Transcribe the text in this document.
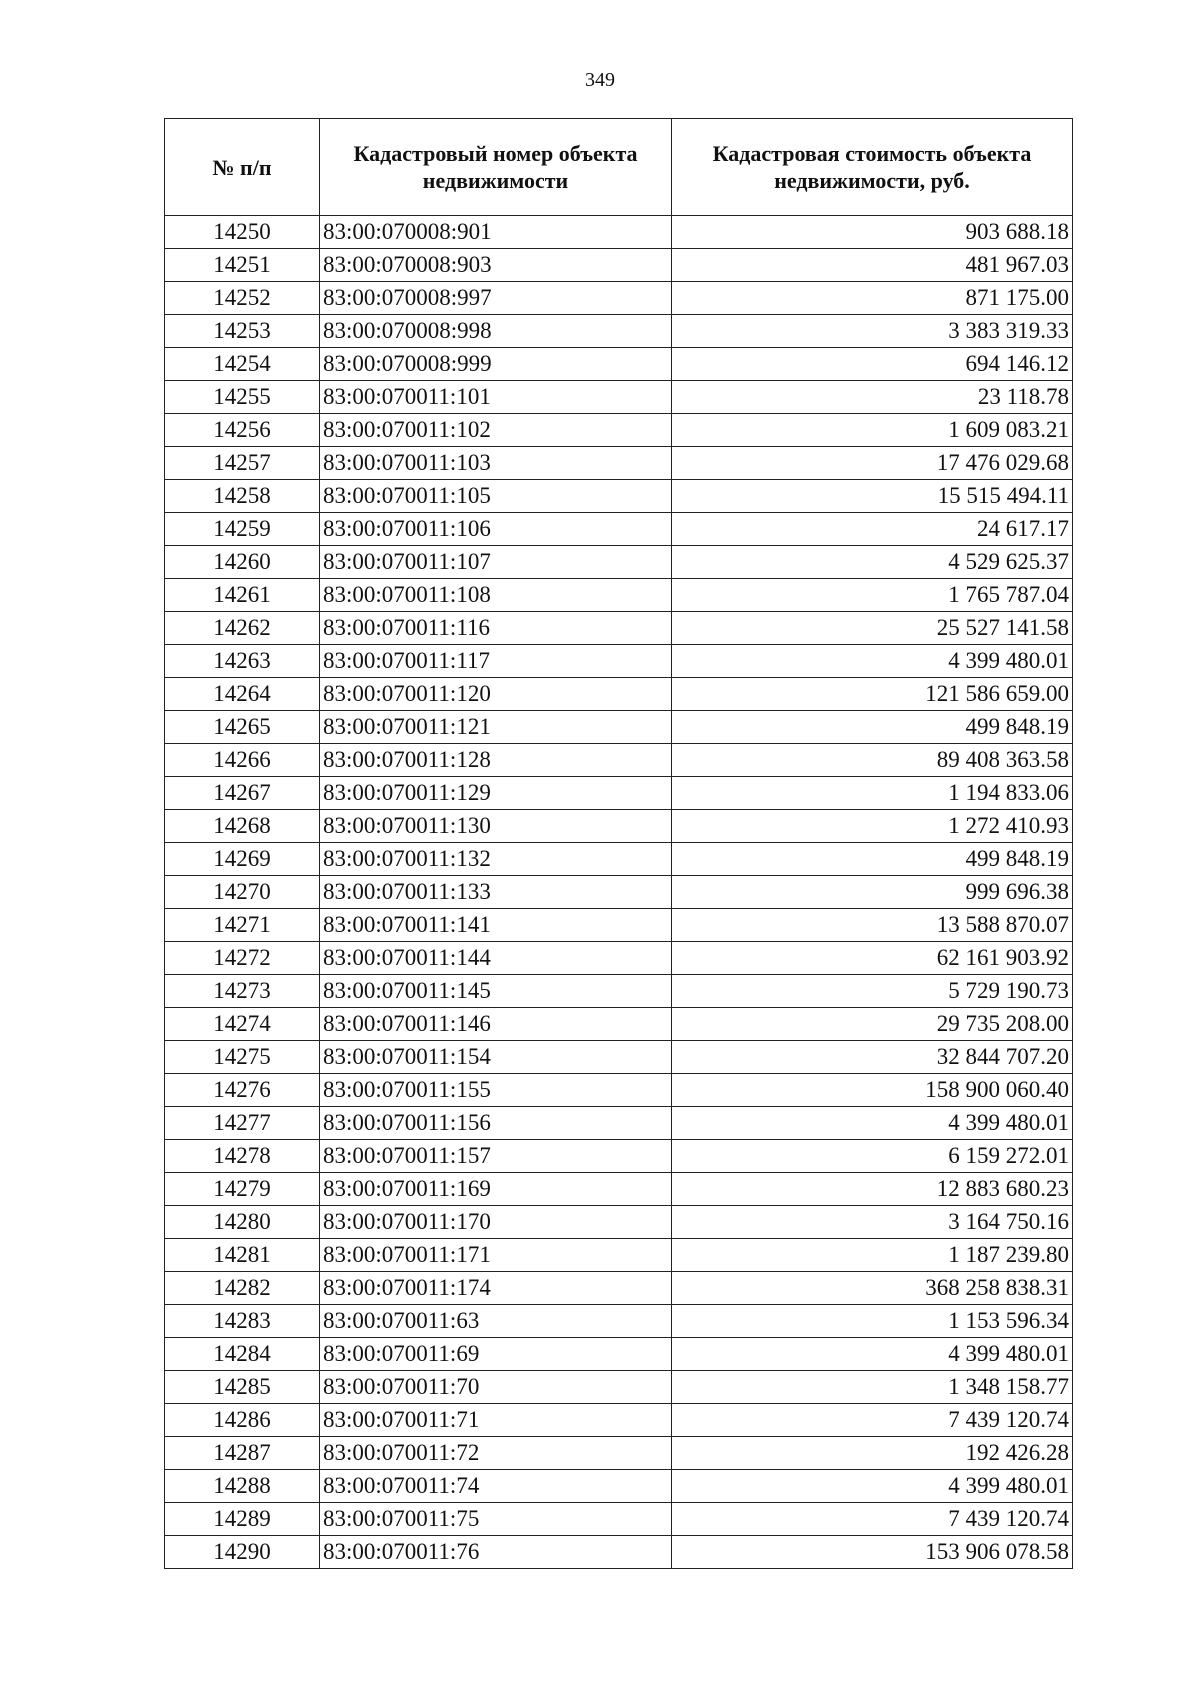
349
№ п/п	Кадастровый номер объекта недвижимости	Кадастровая стоимость объекта недвижимости, руб.
14250	83:00:070008:901	903 688.18
14251	83:00:070008:903	481 967.03
14252	83:00:070008:997	871 175.00
14253	83:00:070008:998	3 383 319.33
14254	83:00:070008:999	694 146.12
14255	83:00:070011:101	23 118.78
14256	83:00:070011:102	1 609 083.21
14257	83:00:070011:103	17 476 029.68
14258	83:00:070011:105	15 515 494.11
14259	83:00:070011:106	24 617.17
14260	83:00:070011:107	4 529 625.37
14261	83:00:070011:108	1 765 787.04
14262	83:00:070011:116	25 527 141.58
14263	83:00:070011:117	4 399 480.01
14264	83:00:070011:120	121 586 659.00
14265	83:00:070011:121	499 848.19
14266	83:00:070011:128	89 408 363.58
14267	83:00:070011:129	1 194 833.06
14268	83:00:070011:130	1 272 410.93
14269	83:00:070011:132	499 848.19
14270	83:00:070011:133	999 696.38
14271	83:00:070011:141	13 588 870.07
14272	83:00:070011:144	62 161 903.92
14273	83:00:070011:145	5 729 190.73
14274	83:00:070011:146	29 735 208.00
14275	83:00:070011:154	32 844 707.20
14276	83:00:070011:155	158 900 060.40
14277	83:00:070011:156	4 399 480.01
14278	83:00:070011:157	6 159 272.01
14279	83:00:070011:169	12 883 680.23
14280	83:00:070011:170	3 164 750.16
14281	83:00:070011:171	1 187 239.80
14282	83:00:070011:174	368 258 838.31
14283	83:00:070011:63	1 153 596.34
14284	83:00:070011:69	4 399 480.01
14285	83:00:070011:70	1 348 158.77
14286	83:00:070011:71	7 439 120.74
14287	83:00:070011:72	192 426.28
14288	83:00:070011:74	4 399 480.01
14289	83:00:070011:75	7 439 120.74
14290	83:00:070011:76	153 906 078.58
